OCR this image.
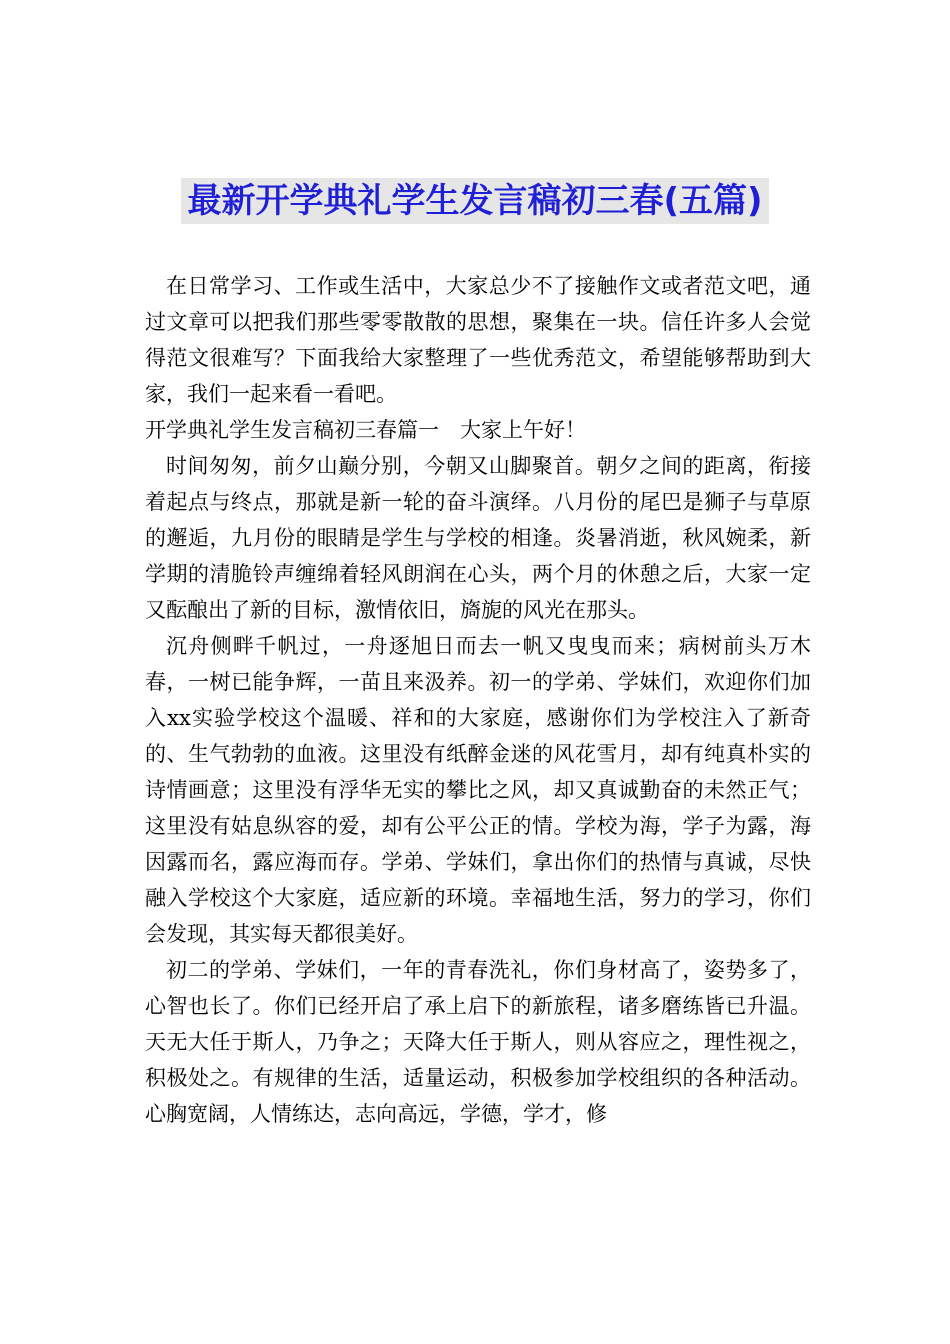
最新开学典礼学生发言稿初三春(五篇)

在日常学习、工作或生活中，大家总少不了接触作文或者范文吧，通过文章可以把我们那些零零散散的思想，聚集在一块。信任许多人会觉得范文很难写？下面我给大家整理了一些优秀范文，希望能够帮助到大家，我们一起来看一看吧。

开学典礼学生发言稿初三春篇一　大家上午好！

时间匆匆，前夕山巅分别，今朝又山脚聚首。朝夕之间的距离，衔接着起点与终点，那就是新一轮的奋斗演绎。八月份的尾巴是狮子与草原的邂逅，九月份的眼睛是学生与学校的相逢。炎暑消逝，秋风婉柔，新学期的清脆铃声缠绵着轻风朗润在心头，两个月的休憩之后，大家一定又酝酿出了新的目标，激情依旧，旖旎的风光在那头。

沉舟侧畔千帆过，一舟逐旭日而去一帆又曳曳而来；病树前头万木春，一树已能争辉，一苗且来汲养。初一的学弟、学妹们，欢迎你们加入xx实验学校这个温暖、祥和的大家庭，感谢你们为学校注入了新奇的、生气勃勃的血液。这里没有纸醉金迷的风花雪月，却有纯真朴实的诗情画意；这里没有浮华无实的攀比之风，却又真诚勤奋的未然正气；这里没有姑息纵容的爱，却有公平公正的情。学校为海，学子为露，海因露而名，露应海而存。学弟、学妹们，拿出你们的热情与真诚，尽快融入学校这个大家庭，适应新的环境。幸福地生活，努力的学习，你们会发现，其实每天都很美好。

初二的学弟、学妹们，一年的青春洗礼，你们身材高了，姿势多了，心智也长了。你们已经开启了承上启下的新旅程，诸多磨练皆已升温。天无大任于斯人，乃争之；天降大任于斯人，则从容应之，理性视之，积极处之。有规律的生活，适量运动，积极参加学校组织的各种活动。心胸宽阔，人情练达，志向高远，学德，学才，修
